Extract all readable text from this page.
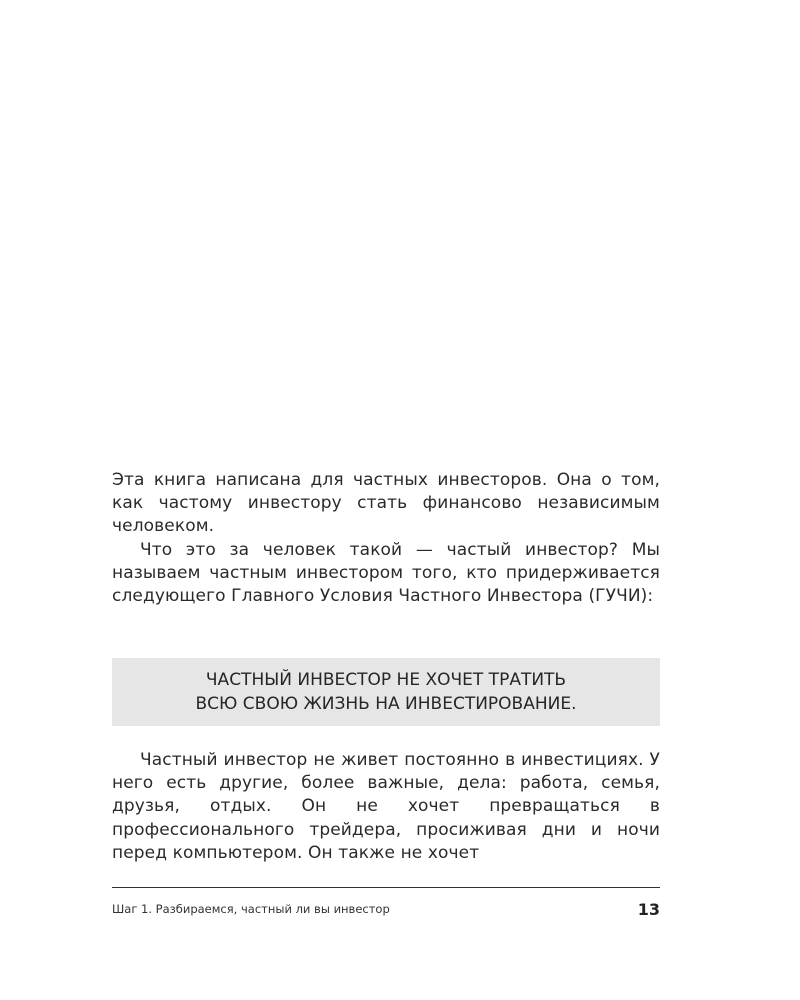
Эта книга написана для частных инвесторов. Она о том, как частому инвестору стать финансово независимым человеком.

Что это за человек такой — частый инвестор? Мы называем частным инвестором того, кто придерживается следующего Главного Условия Частного Инвестора (ГУЧИ):

ЧАСТНЫЙ ИНВЕСТОР НЕ ХОЧЕТ ТРАТИТЬ
ВСЮ СВОЮ ЖИЗНЬ НА ИНВЕСТИРОВАНИЕ.

Частный инвестор не живет постоянно в инвестициях. У него есть другие, более важные, дела: работа, семья, друзья, отдых. Он не хочет превращаться в профессионального трейдера, просиживая дни и ночи перед компьютером. Он также не хочет

Шаг 1. Разбираемся, частный ли вы инвестор	13
